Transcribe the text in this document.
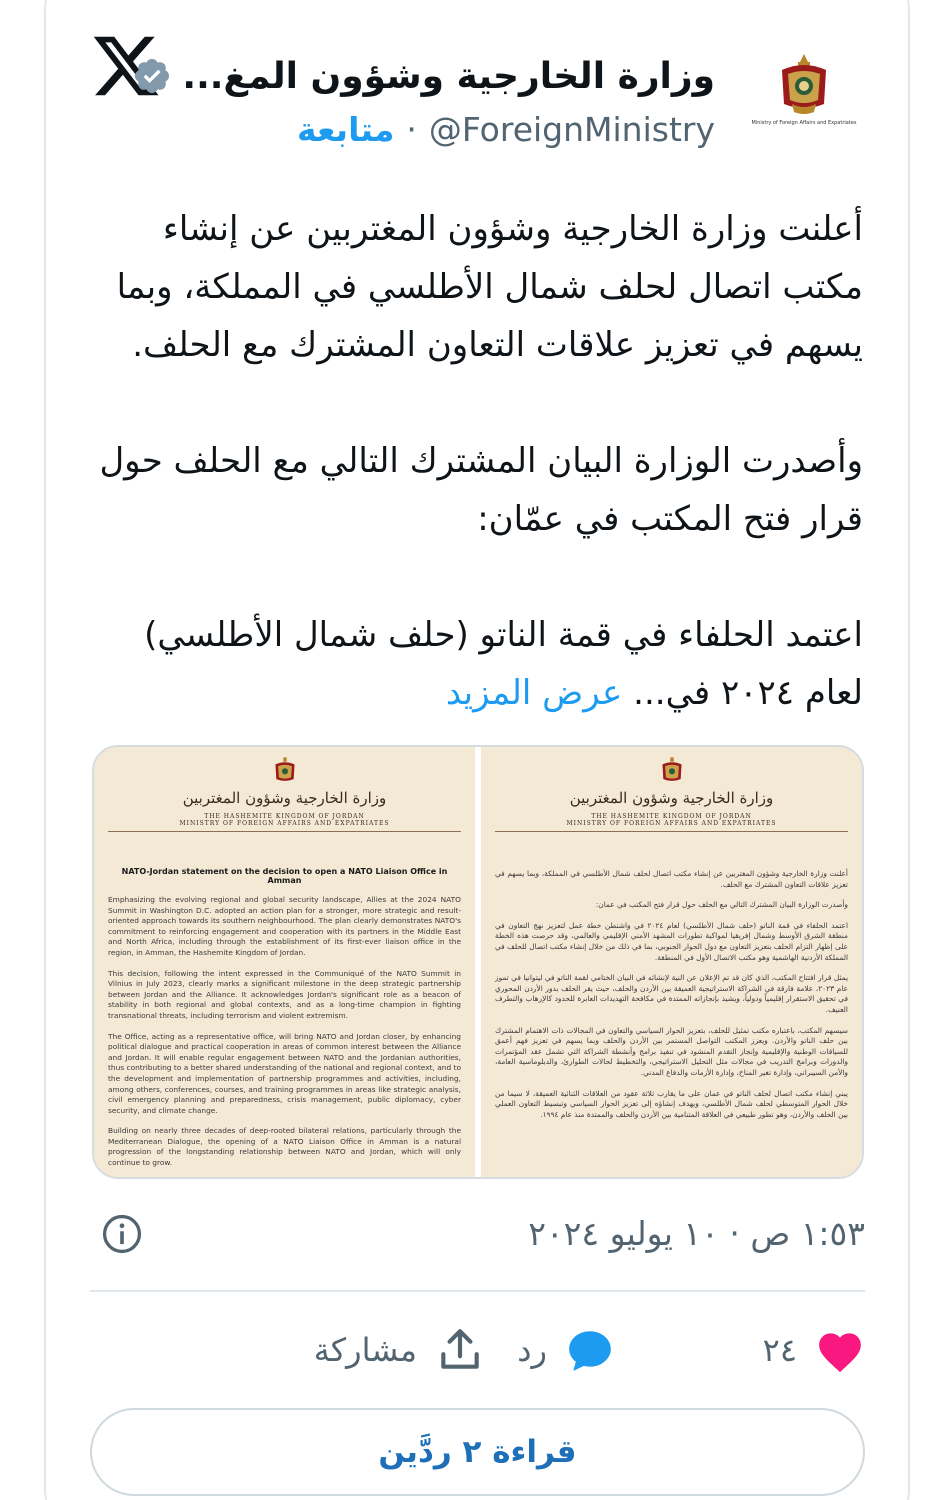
وزارة الخارجية وشؤون المغ...
@ForeignMinistry
·
متابعة	Ministry of Foreign Affairs and Expatriates

أعلنت وزارة الخارجية وشؤون المغتربين عن إنشاء مكتب اتصال لحلف شمال الأطلسي في المملكة، وبما يسهم في تعزيز علاقات التعاون المشترك مع الحلف.

وأصدرت الوزارة البيان المشترك التالي مع الحلف حول قرار فتح المكتب في عمّان:

اعتمد الحلفاء في قمة الناتو (حلف شمال الأطلسي) لعام ٢٠٢٤ في... عرض المزيد

وزارة الخارجية وشؤون المغتربين
THE HASHEMITE KINGDOM OF JORDAN
MINISTRY OF FOREIGN AFFAIRS AND EXPATRIATES
NATO-Jordan statement on the decision to open a NATO Liaison Office in Amman
Emphasizing the evolving regional and global security landscape, Allies at the 2024 NATO Summit in Washington D.C. adopted an action plan for a stronger, more strategic and result-oriented approach towards its southern neighbourhood. The plan clearly demonstrates NATO's commitment to reinforcing engagement and cooperation with its partners in the Middle East and North Africa, including through the establishment of its first-ever liaison office in the region, in Amman, the Hashemite Kingdom of Jordan.
This decision, following the intent expressed in the Communiqué of the NATO Summit in Vilnius in July 2023, clearly marks a significant milestone in the deep strategic partnership between Jordan and the Alliance. It acknowledges Jordan's significant role as a beacon of stability in both regional and global contexts, and as a long-time champion in fighting transnational threats, including terrorism and violent extremism.
The Office, acting as a representative office, will bring NATO and Jordan closer, by enhancing political dialogue and practical cooperation in areas of common interest between the Alliance and Jordan. It will enable regular engagement between NATO and the Jordanian authorities, thus contributing to a better shared understanding of the national and regional context, and to the development and implementation of partnership programmes and activities, including, among others, conferences, courses, and training programmes in areas like strategic analysis, civil emergency planning and preparedness, crisis management, public diplomacy, cyber security, and climate change.
Building on nearly three decades of deep-rooted bilateral relations, particularly through the Mediterranean Dialogue, the opening of a NATO Liaison Office in Amman is a natural progression of the longstanding relationship between NATO and Jordan, which will only continue to grow.
وزارة الخارجية وشؤون المغتربين
THE HASHEMITE KINGDOM OF JORDAN
MINISTRY OF FOREIGN AFFAIRS AND EXPATRIATES
أعلنت وزارة الخارجية وشؤون المغتربين عن إنشاء مكتب اتصال لحلف شمال الأطلسي في المملكة، وبما يسهم في تعزيز علاقات التعاون المشترك مع الحلف.
وأصدرت الوزارة البيان المشترك التالي مع الحلف حول قرار فتح المكتب في عمان:
اعتمد الحلفاء في قمة الناتو (حلف شمال الأطلسي) لعام ٢٠٢٤ في واشنطن خطة عمل لتعزيز نهج التعاون في منطقة الشرق الأوسط وشمال إفريقيا لمواكبة تطورات المشهد الأمني الإقليمي والعالمي، وقد حرصت هذه الخطة على إظهار التزام الحلف بتعزيز التعاون مع دول الجوار الجنوبي، بما في ذلك من خلال إنشاء مكتب اتصال للحلف في المملكة الأردنية الهاشمية وهو مكتب الاتصال الأول في المنطقة.
يمثل قرار افتتاح المكتب، الذي كان قد تم الإعلان عن النية لإنشائه في البيان الختامي لقمة الناتو في ليتوانيا في تموز عام ٢٠٢٣، علامة فارقة في الشراكة الاستراتيجية العميقة بين الأردن والحلف، حيث يقر الحلف بدور الأردن المحوري في تحقيق الاستقرار إقليمياً ودولياً، ويشيد بإنجازاته الممتدة في مكافحة التهديدات العابرة للحدود كالإرهاب والتطرف العنيف.
سيسهم المكتب، باعتباره مكتب تمثيل للحلف، بتعزيز الحوار السياسي والتعاون في المجالات ذات الاهتمام المشترك بين حلف الناتو والأردن. ويعزز المكتب التواصل المستمر بين الأردن والحلف وبما يسهم في تعزيز فهم أعمق للسياقات الوطنية والإقليمية وإنجاز التقدم المنشود في تنفيذ برامج وأنشطة الشراكة التي تشمل عقد المؤتمرات والدورات وبرامج التدريب في مجالات مثل التحليل الاستراتيجي، والتخطيط لحالات الطوارئ، والدبلوماسية العامة، والأمن السيبراني، وإدارة تغير المناخ، وإدارة الأزمات والدفاع المدني.
يبني إنشاء مكتب اتصال لحلف الناتو في عمان على ما يقارب ثلاثة عقود من العلاقات الثنائية العميقة، لا سيما من خلال الحوار المتوسطي لحلف شمال الأطلسي، ويهدف إنشاؤه إلى تعزيز الحوار السياسي وتبسيط التعاون العملي بين الحلف والأردن، وهو تطور طبيعي في العلاقة المتنامية بين الأردن والحلف والممتدة منذ عام ١٩٩٤.
١:٥٣ ص · ١٠ يوليو ٢٠٢٤
٢٤
رد
مشاركة
قراءة ٢ ردَّين
